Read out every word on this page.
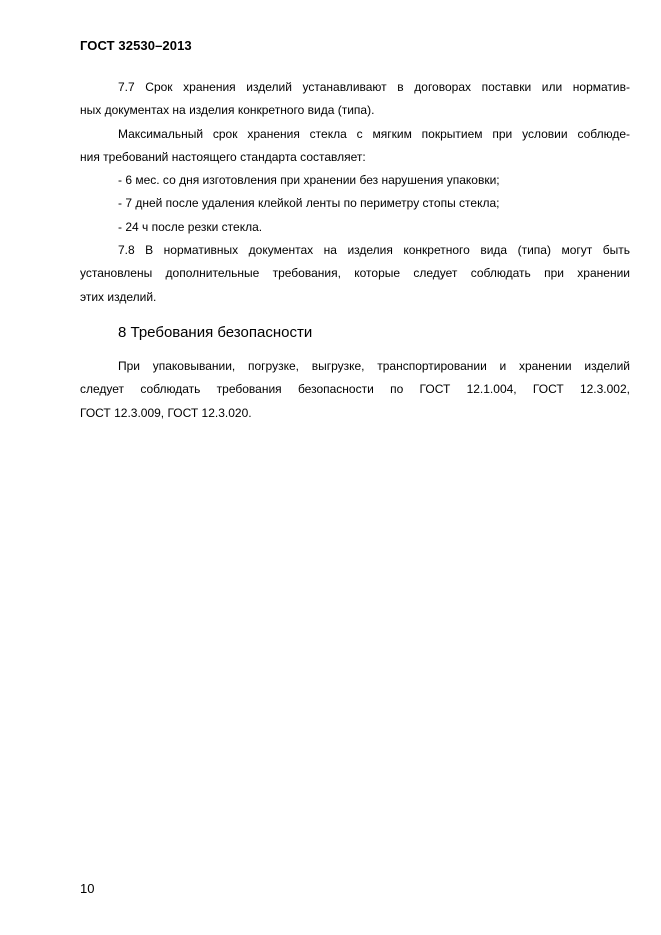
ГОСТ 32530–2013

7.7 Срок хранения изделий устанавливают в договорах поставки или норматив-

ных документах на изделия конкретного вида (типа).

Максимальный срок хранения стекла с мягким покрытием при условии соблюде-

ния требований настоящего стандарта составляет:

- 6 мес. со дня изготовления при хранении без нарушения упаковки;

- 7 дней после удаления клейкой ленты по периметру стопы стекла;

- 24 ч после резки стекла.

7.8 В нормативных документах на изделия конкретного вида (типа) могут быть

установлены дополнительные требования, которые следует соблюдать при хранении

этих изделий.

8 Требования безопасности

При упаковывании, погрузке, выгрузке, транспортировании и хранении изделий

следует соблюдать требования безопасности по ГОСТ 12.1.004, ГОСТ 12.3.002,

ГОСТ 12.3.009, ГОСТ 12.3.020.

10
